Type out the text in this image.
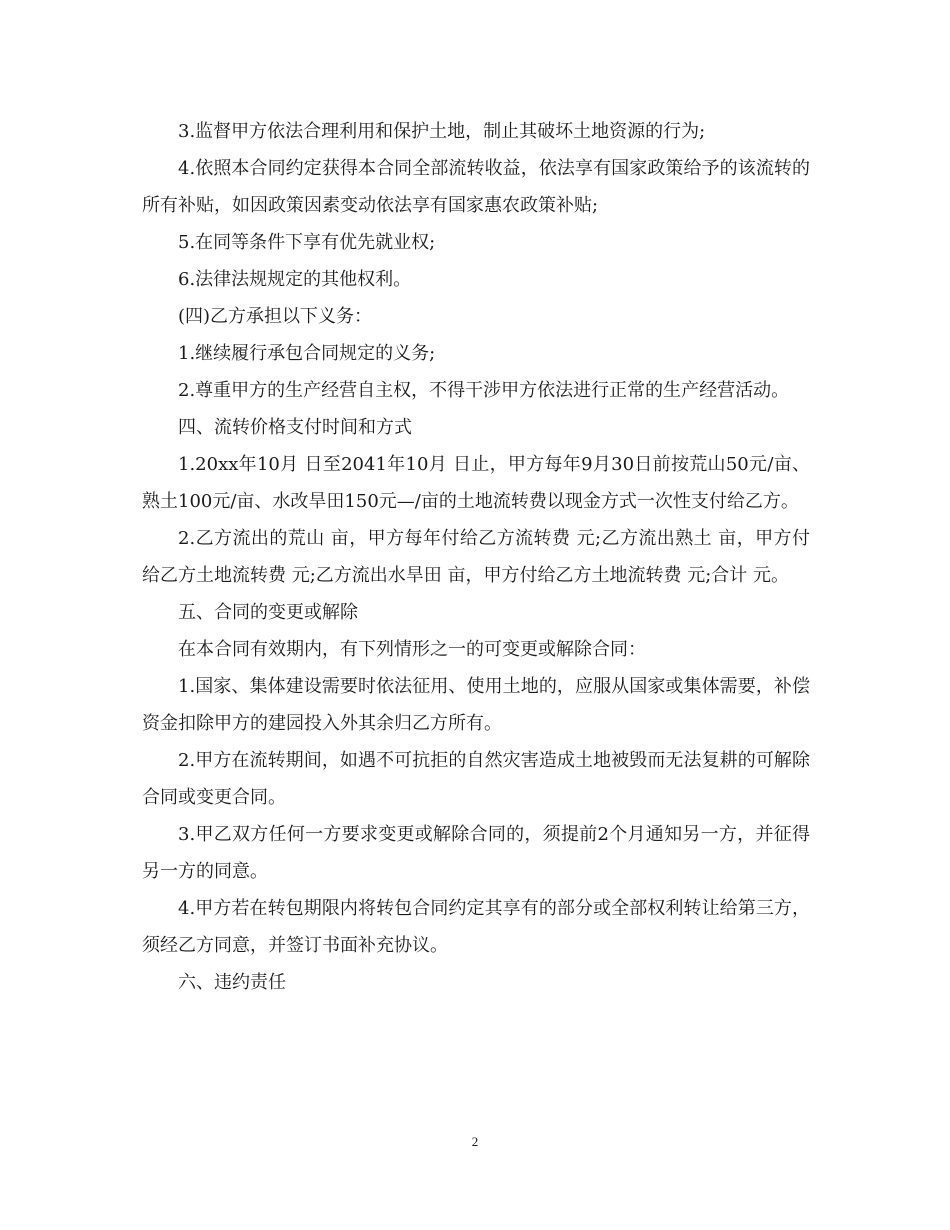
3.监督甲方依法合理利用和保护土地，制止其破坏土地资源的行为;

4.依照本合同约定获得本合同全部流转收益，依法享有国家政策给予的该流转的所有补贴，如因政策因素变动依法享有国家惠农政策补贴;

5.在同等条件下享有优先就业权;

6.法律法规规定的其他权利。

(四)乙方承担以下义务：

1.继续履行承包合同规定的义务;

2.尊重甲方的生产经营自主权，不得干涉甲方依法进行正常的生产经营活动。

四、流转价格支付时间和方式

1.20xx年10月 日至2041年10月 日止，甲方每年9月30日前按荒山50元/亩、熟土100元/亩、水改旱田150元—/亩的土地流转费以现金方式一次性支付给乙方。

2.乙方流出的荒山 亩，甲方每年付给乙方流转费 元;乙方流出熟土 亩，甲方付给乙方土地流转费 元;乙方流出水旱田 亩，甲方付给乙方土地流转费 元;合计 元。

五、合同的变更或解除

在本合同有效期内，有下列情形之一的可变更或解除合同：

1.国家、集体建设需要时依法征用、使用土地的，应服从国家或集体需要，补偿资金扣除甲方的建园投入外其余归乙方所有。

2.甲方在流转期间，如遇不可抗拒的自然灾害造成土地被毁而无法复耕的可解除合同或变更合同。

3.甲乙双方任何一方要求变更或解除合同的，须提前2个月通知另一方，并征得另一方的同意。

4.甲方若在转包期限内将转包合同约定其享有的部分或全部权利转让给第三方，须经乙方同意，并签订书面补充协议。

六、违约责任

2
